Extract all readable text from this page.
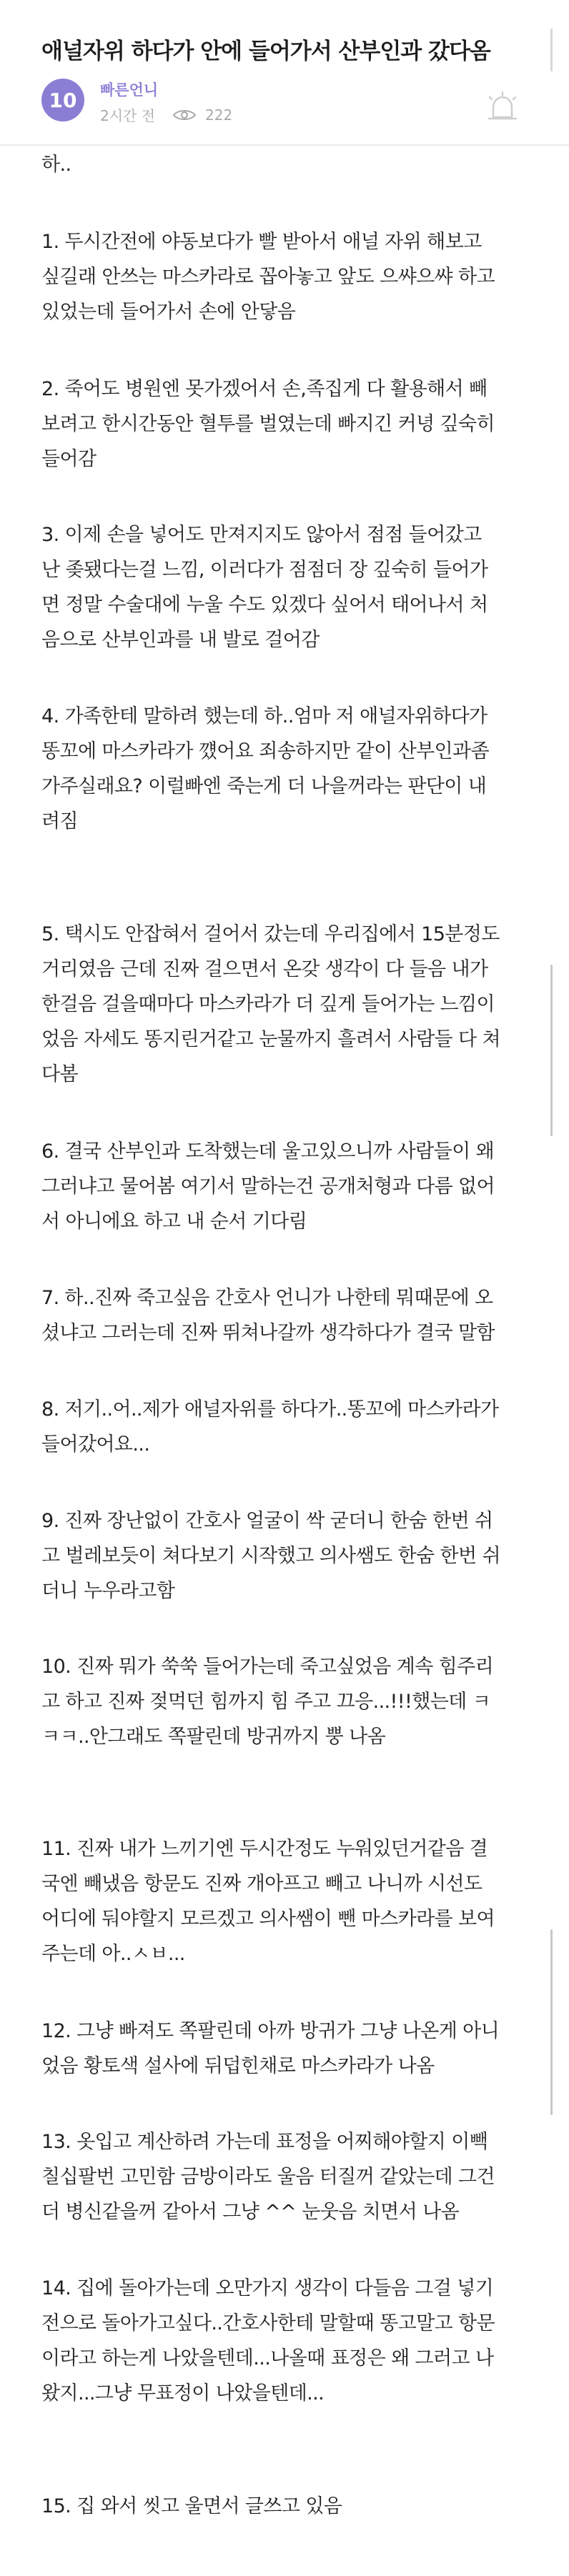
애널자위 하다가 안에 들어가서 산부인과 갔다옴
10	빠른언니
2시간 전	222
하..
1. 두시간전에 야동보다가 빨 받아서 애널 자위 해보고
싶길래 안쓰는 마스카라로 꼽아놓고 앞도 으쌰으쌰 하고
있었는데 들어가서 손에 안닿음
2. 죽어도 병원엔 못가겠어서 손,족집게 다 활용해서 빼
보려고 한시간동안 혈투를 벌였는데 빠지긴 커녕 깊숙히
들어감
3. 이제 손을 넣어도 만져지지도 않아서 점점 들어갔고
난 좆됐다는걸 느낌, 이러다가 점점더 장 깊숙히 들어가
면 정말 수술대에 누울 수도 있겠다 싶어서 태어나서 처
음으로 산부인과를 내 발로 걸어감
4. 가족한테 말하려 했는데 하..엄마 저 애널자위하다가
똥꼬에 마스카라가 꺴어요 죄송하지만 같이 산부인과좀
가주실래요? 이럴빠엔 죽는게 더 나을꺼라는 판단이 내
려짐
5. 택시도 안잡혀서 걸어서 갔는데 우리집에서 15분정도
거리였음 근데 진짜 걸으면서 온갖 생각이 다 들음 내가
한걸음 걸을때마다 마스카라가 더 깊게 들어가는 느낌이
었음 자세도 똥지린거같고 눈물까지 흘려서 사람들 다 쳐
다봄
6. 결국 산부인과 도착했는데 울고있으니까 사람들이 왜
그러냐고 물어봄 여기서 말하는건 공개처형과 다름 없어
서 아니에요 하고 내 순서 기다림
7. 하..진짜 죽고싶음 간호사 언니가 나한테 뭐때문에 오
셨냐고 그러는데 진짜 뛰쳐나갈까 생각하다가 결국 말함
8. 저기..어..제가 애널자위를 하다가..똥꼬에 마스카라가
들어갔어요...
9. 진짜 장난없이 간호사 얼굴이 싹 굳더니 한숨 한번 쉬
고 벌레보듯이 쳐다보기 시작했고 의사쌤도 한숨 한번 쉬
더니 누우라고함
10. 진짜 뭐가 쑥쑥 들어가는데 죽고싶었음 계속 힘주리
고 하고 진짜 젖먹던 힘까지 힘 주고 끄응...!!!했는데 ㅋ
ㅋㅋ..안그래도 쪽팔린데 방귀까지 뿡 나옴
11. 진짜 내가 느끼기엔 두시간정도 누워있던거같음 결
국엔 빼냈음 항문도 진짜 개아프고 빼고 나니까 시선도
어디에 둬야할지 모르겠고 의사쌤이 뺀 마스카라를 보여
주는데 아..ㅅㅂ...
12. 그냥 빠져도 쪽팔린데 아까 방귀가 그냥 나온게 아니
었음 황토색 설사에 뒤덥힌채로 마스카라가 나옴
13. 옷입고 계산하려 가는데 표정을 어찌해야할지 이빽
칠십팔번 고민함 금방이라도 울음 터질꺼 같았는데 그건
더 병신같을꺼 같아서 그냥 ^^ 눈웃음 치면서 나옴
14. 집에 돌아가는데 오만가지 생각이 다들음 그걸 넣기
전으로 돌아가고싶다..간호사한테 말할때 똥고말고 항문
이라고 하는게 나았을텐데...나올때 표정은 왜 그러고 나
왔지...그냥 무표정이 나았을텐데...
15. 집 와서 씻고 울면서 글쓰고 있음
